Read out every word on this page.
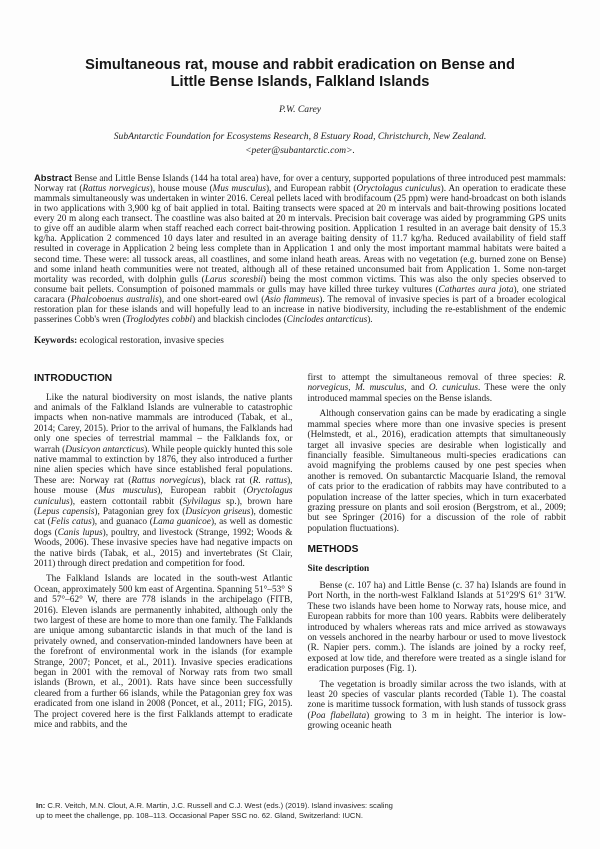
Simultaneous rat, mouse and rabbit eradication on Bense and
Little Bense Islands, Falkland Islands
P.W. Carey
SubAntarctic Foundation for Ecosystems Research, 8 Estuary Road, Christchurch, New Zealand.
<peter@subantarctic.com>.
Abstract Bense and Little Bense Islands (144 ha total area) have, for over a century, supported populations of three introduced pest mammals: Norway rat (Rattus norvegicus), house mouse (Mus musculus), and European rabbit (Oryctolagus cuniculus). An operation to eradicate these mammals simultaneously was undertaken in winter 2016. Cereal pellets laced with brodifacoum (25 ppm) were hand-broadcast on both islands in two applications with 3,900 kg of bait applied in total. Baiting transects were spaced at 20 m intervals and bait-throwing positions located every 20 m along each transect. The coastline was also baited at 20 m intervals. Precision bait coverage was aided by programming GPS units to give off an audible alarm when staff reached each correct bait-throwing position. Application 1 resulted in an average bait density of 15.3 kg/ha. Application 2 commenced 10 days later and resulted in an average baiting density of 11.7 kg/ha. Reduced availability of field staff resulted in coverage in Application 2 being less complete than in Application 1 and only the most important mammal habitats were baited a second time. These were: all tussock areas, all coastlines, and some inland heath areas. Areas with no vegetation (e.g. burned zone on Bense) and some inland heath communities were not treated, although all of these retained unconsumed bait from Application 1. Some non-target mortality was recorded, with dolphin gulls (Larus scoresbii) being the most common victims. This was also the only species observed to consume bait pellets. Consumption of poisoned mammals or gulls may have killed three turkey vultures (Cathartes aura jota), one striated caracara (Phalcoboenus australis), and one short-eared owl (Asio flammeus). The removal of invasive species is part of a broader ecological restoration plan for these islands and will hopefully lead to an increase in native biodiversity, including the re-establishment of the endemic passerines Cobb's wren (Troglodytes cobbi) and blackish cinclodes (Cinclodes antarcticus).
Keywords: ecological restoration, invasive species
INTRODUCTION

Like the natural biodiversity on most islands, the native plants and animals of the Falkland Islands are vulnerable to catastrophic impacts when non-native mammals are introduced (Tabak, et al., 2014; Carey, 2015). Prior to the arrival of humans, the Falklands had only one species of terrestrial mammal – the Falklands fox, or warrah (Dusicyon antarcticus). While people quickly hunted this sole native mammal to extinction by 1876, they also introduced a further nine alien species which have since established feral populations. These are: Norway rat (Rattus norvegicus), black rat (R. rattus), house mouse (Mus musculus), European rabbit (Oryctolagus cuniculus), eastern cottontail rabbit (Sylvilagus sp.), brown hare (Lepus capensis), Patagonian grey fox (Dusicyon griseus), domestic cat (Felis catus), and guanaco (Lama guanicoe), as well as domestic dogs (Canis lupus), poultry, and livestock (Strange, 1992; Woods & Woods, 2006). These invasive species have had negative impacts on the native birds (Tabak, et al., 2015) and invertebrates (St Clair, 2011) through direct predation and competition for food.

The Falkland Islands are located in the south-west Atlantic Ocean, approximately 500 km east of Argentina. Spanning 51°–53° S and 57°–62° W, there are 778 islands in the archipelago (FITB, 2016). Eleven islands are permanently inhabited, although only the two largest of these are home to more than one family. The Falklands are unique among subantarctic islands in that much of the land is privately owned, and conservation-minded landowners have been at the forefront of environmental work in the islands (for example Strange, 2007; Poncet, et al., 2011). Invasive species eradications began in 2001 with the removal of Norway rats from two small islands (Brown, et al., 2001). Rats have since been successfully cleared from a further 66 islands, while the Patagonian grey fox was eradicated from one island in 2008 (Poncet, et al., 2011; FIG, 2015). The project covered here is the first Falklands attempt to eradicate mice and rabbits, and the

first to attempt the simultaneous removal of three species: R. norvegicus, M. musculus, and O. cuniculus. These were the only introduced mammal species on the Bense islands.

Although conservation gains can be made by eradicating a single mammal species where more than one invasive species is present (Helmstedt, et al., 2016), eradication attempts that simultaneously target all invasive species are desirable when logistically and financially feasible. Simultaneous multi-species eradications can avoid magnifying the problems caused by one pest species when another is removed. On subantarctic Macquarie Island, the removal of cats prior to the eradication of rabbits may have contributed to a population increase of the latter species, which in turn exacerbated grazing pressure on plants and soil erosion (Bergstrom, et al., 2009; but see Springer (2016) for a discussion of the role of rabbit population fluctuations).

METHODS
Site description

Bense (c. 107 ha) and Little Bense (c. 37 ha) Islands are found in Port North, in the north-west Falkland Islands at 51°29'S 61° 31'W. These two islands have been home to Norway rats, house mice, and European rabbits for more than 100 years. Rabbits were deliberately introduced by whalers whereas rats and mice arrived as stowaways on vessels anchored in the nearby harbour or used to move livestock (R. Napier pers. comm.). The islands are joined by a rocky reef, exposed at low tide, and therefore were treated as a single island for eradication purposes (Fig. 1).

The vegetation is broadly similar across the two islands, with at least 20 species of vascular plants recorded (Table 1). The coastal zone is maritime tussock formation, with lush stands of tussock grass (Poa flabellata) growing to 3 m in height. The interior is low-growing oceanic heath

In: C.R. Veitch, M.N. Clout, A.R. Martin, J.C. Russell and C.J. West (eds.) (2019). Island invasives: scaling
up to meet the challenge, pp. 108–113. Occasional Paper SSC no. 62. Gland, Switzerland: IUCN.
